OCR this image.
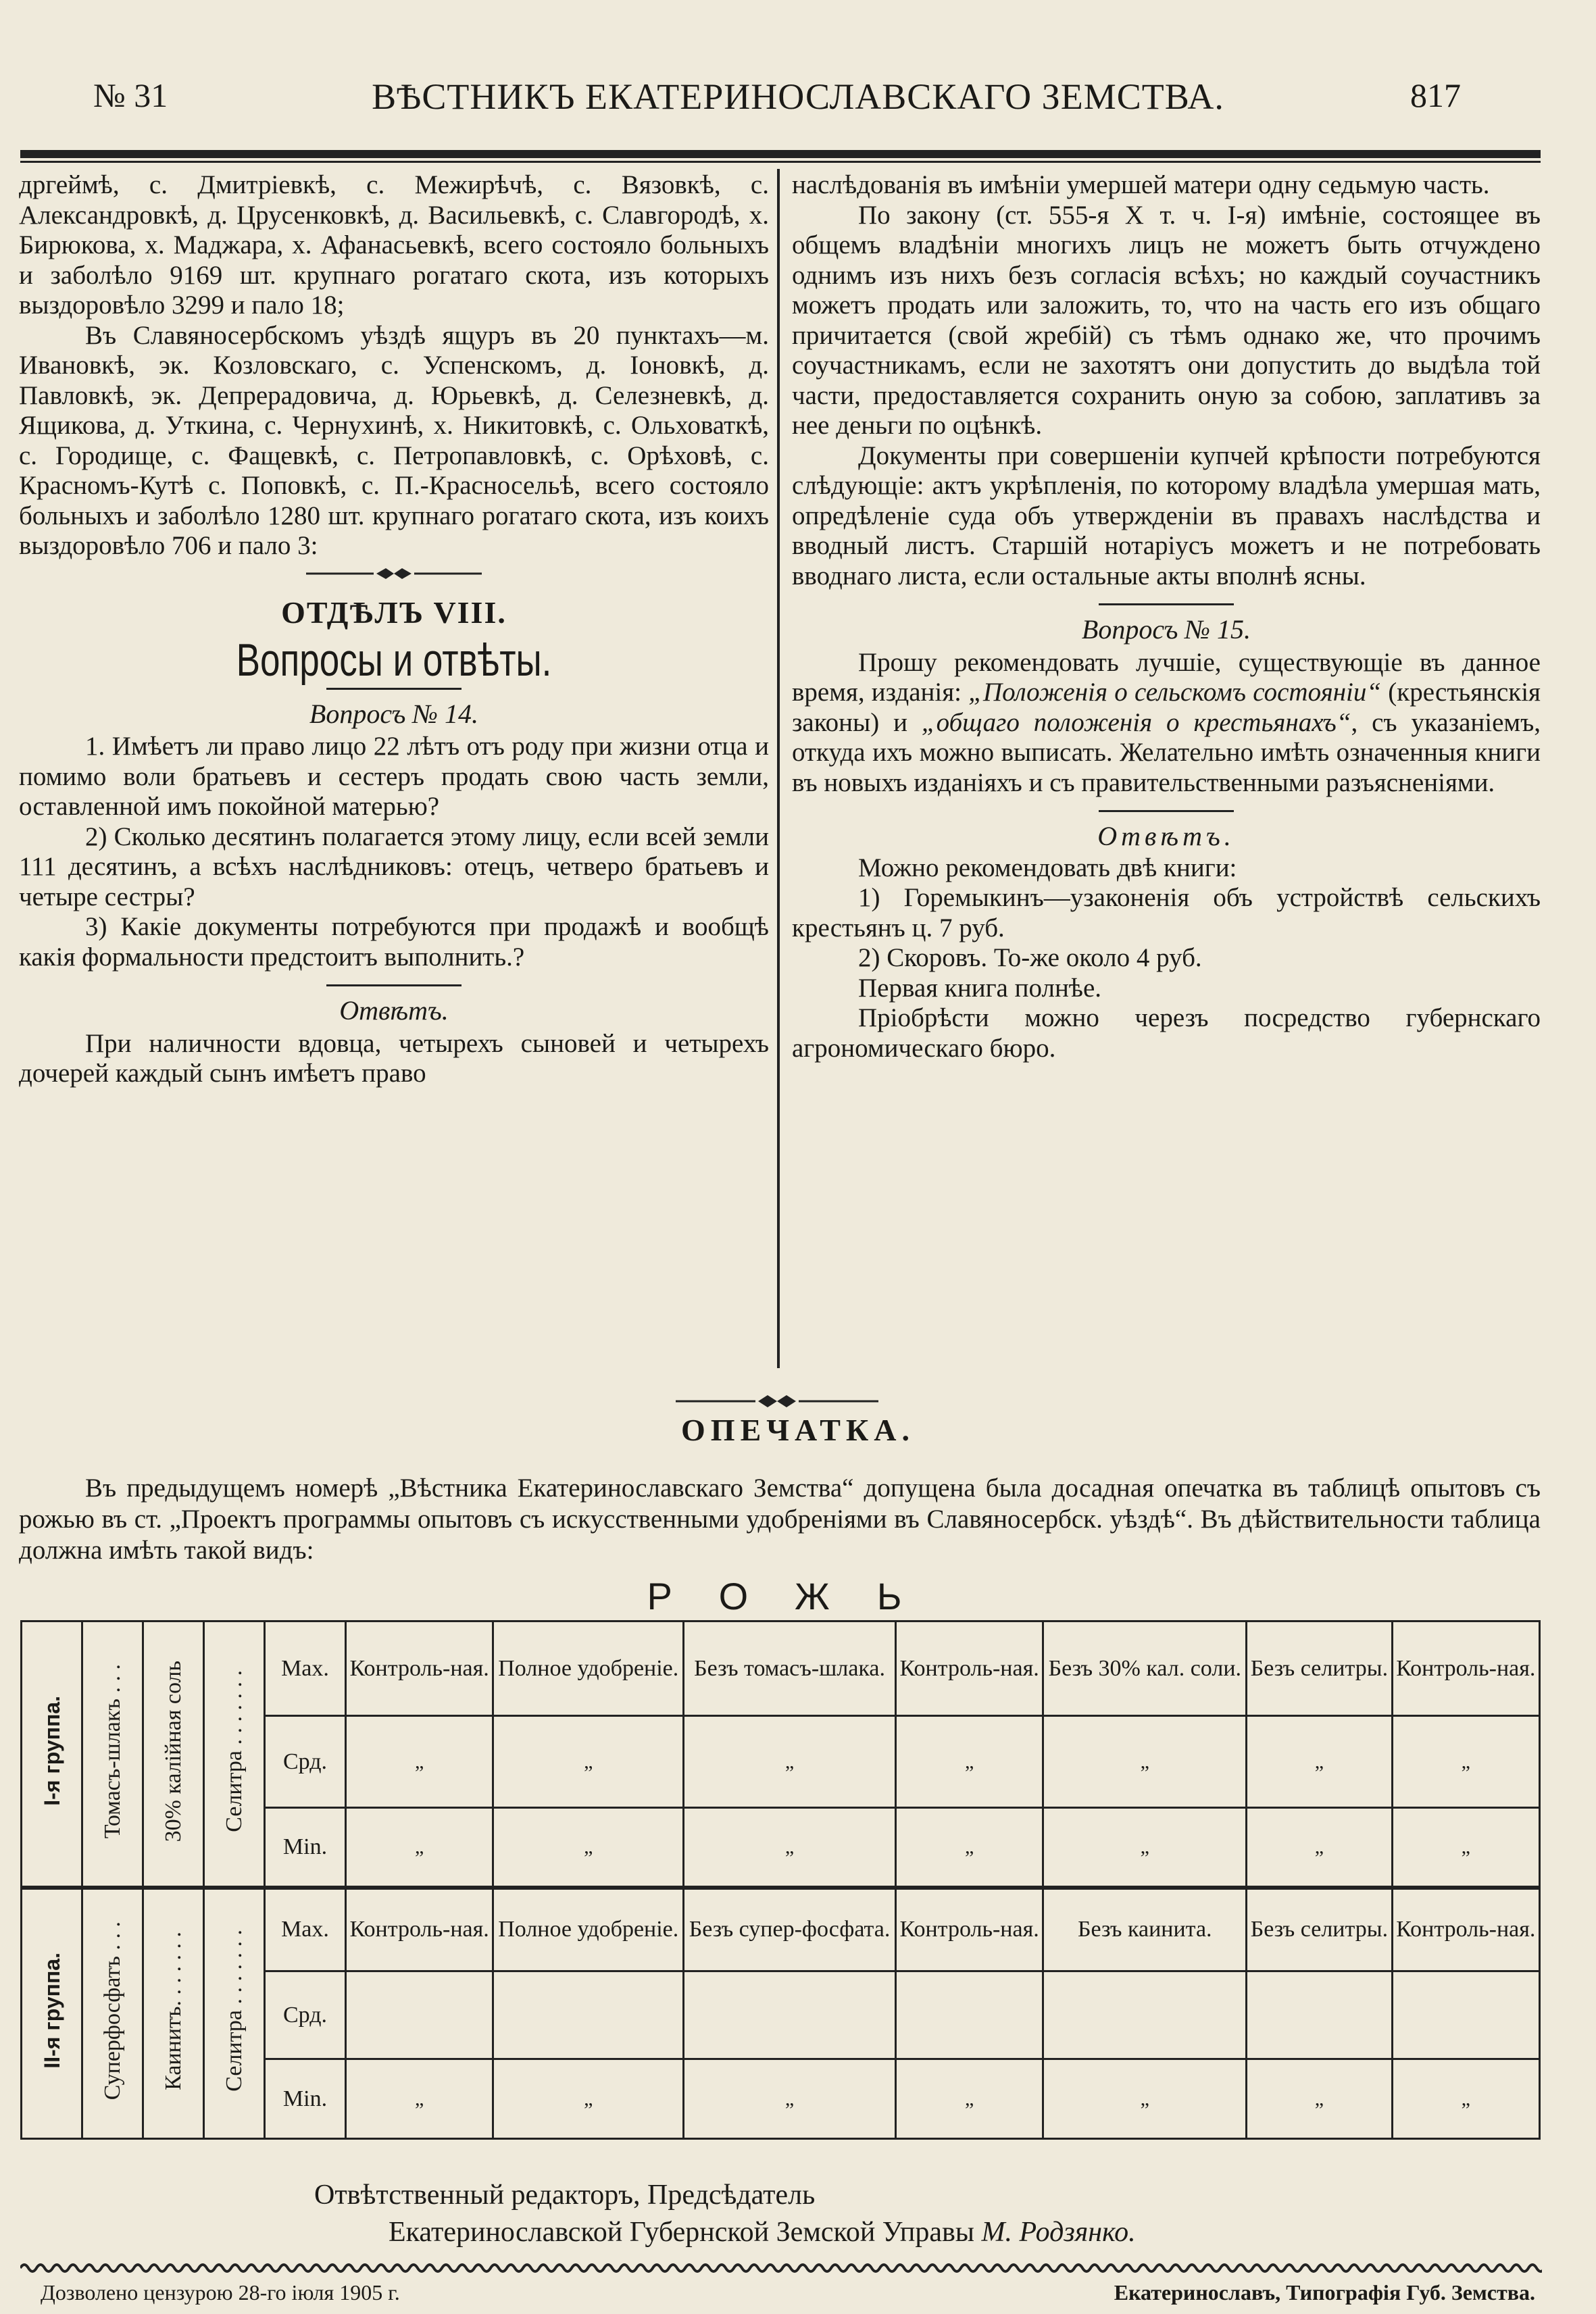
№ 31	ВѢСТНИКЪ ЕКАТЕРИНОСЛАВСКАГО ЗЕМСТВА.	817

дргеймѣ, с. Дмитріевкѣ, с. Межирѣчѣ, с. Вязовкѣ, с. Александровкѣ, д. Црусенковкѣ, д. Васильевкѣ, с. Славгородѣ, х. Бирюкова, х. Маджара, х. Афанасьевкѣ, всего состояло больныхъ и заболѣло 9169 шт. крупнаго рогатаго скота, изъ которыхъ выздоровѣло 3299 и пало 18;

Въ Славяносербскомъ уѣздѣ ящуръ въ 20 пунктахъ—м. Ивановкѣ, эк. Козловскаго, с. Успенскомъ, д. Іоновкѣ, д. Павловкѣ, эк. Депрерадовича, д. Юрьевкѣ, д. Селезневкѣ, д. Ящикова, д. Уткина, с. Чернухинѣ, х. Никитовкѣ, с. Ольховаткѣ, с. Городище, с. Фащевкѣ, с. Петропавловкѣ, с. Орѣховѣ, с. Красномъ-Кутѣ с. Поповкѣ, с. П.-Красносельѣ, всего состояло больныхъ и заболѣло 1280 шт. крупнаго рогатаго скота, изъ коихъ выздоровѣло 706 и пало 3:

ОТДѢЛЪ VIII.
Вопросы и отвѣты.
Вопросъ № 14.

1. Имѣетъ ли право лицо 22 лѣтъ отъ роду при жизни отца и помимо воли братьевъ и сестеръ продать свою часть земли, оставленной имъ покойной матерью?

2) Сколько десятинъ полагается этому лицу, если всей земли 111 десятинъ, а всѣхъ наслѣдниковъ: отецъ, четверо братьевъ и четыре сестры?

3) Какіе документы потребуются при продажѣ и вообщѣ какія формальности предстоитъ выполнить.?

Отвѣтъ.

При наличности вдовца, четырехъ сыновей и четырехъ дочерей каждый сынъ имѣетъ право

наслѣдованія въ имѣніи умершей матери одну седьмую часть.

По закону (ст. 555-я X т. ч. I-я) имѣніе, состоящее въ общемъ владѣніи многихъ лицъ не можетъ быть отчуждено однимъ изъ нихъ безъ согласія всѣхъ; но каждый соучастникъ можетъ продать или заложить, то, что на часть его изъ общаго причитается (свой жребій) съ тѣмъ однако же, что прочимъ соучастникамъ, если не захотятъ они допустить до выдѣла той части, предоставляется сохранить оную за собою, заплативъ за нее деньги по оцѣнкѣ.

Документы при совершеніи купчей крѣпости потребуются слѣдующіе: актъ укрѣпленія, по которому владѣла умершая мать, опредѣленіе суда объ утвержденіи въ правахъ наслѣдства и вводный листъ. Старшій нотаріусъ можетъ и не потребовать вводнаго листа, если остальные акты вполнѣ ясны.

Вопросъ № 15.

Прошу рекомендовать лучшіе, существующіе въ данное время, изданія: „Положенія о сельскомъ состояніи“ (крестьянскія законы) и „общаго положенія о крестьянахъ“, съ указаніемъ, откуда ихъ можно выписать. Желательно имѣть означенныя книги въ новыхъ изданіяхъ и съ правительственными разъясненіями.

Отвѣтъ.

Можно рекомендовать двѣ книги:

1) Горемыкинъ—узаконенія объ устройствѣ сельскихъ крестьянъ ц. 7 руб.

2) Скоровъ. То-же около 4 руб.

Первая книга полнѣе.

Пріобрѣсти можно черезъ посредство губернскаго агрономическаго бюро.

ОПЕЧАТКА.

Въ предыдущемъ номерѣ „Вѣстника Екатеринославскаго Земства“ допущена была досадная опечатка въ таблицѣ опытовъ съ рожью въ ст. „Проектъ программы опытовъ съ искусственными удобреніями въ Славяносербск. уѣздѣ“. Въ дѣйствительности таблица должна имѣть такой видъ:

РОЖЬ
I-я группа.	Томасъ-шлакъ . . .	30% калійная соль	Селитра . . . . . . .	Max.	Контроль-ная.	Полное удобреніе.	Безъ томасъ-шлака.	Контроль-ная.	Безъ 30% кал. соли.	Безъ селитры.	Контроль-ная.
				Срд.	„	„	„	„	„	„	„
				Min.	„	„	„	„	„	„	„
II-я группа.	Суперфосфатъ . . .	Каинитъ. . . . . . .	Селитра . . . . . . .	Max.	Контроль-ная.	Полное удобреніе.	Безъ супер-фосфата.	Контроль-ная.	Безъ каинита.	Безъ селитры.	Контроль-ная.
				Срд.							
				Min.	„	„	„	„	„	„	„
Отвѣтственный редакторъ, Предсѣдатель
Екатеринославской Губернской Земской Управы М. Родзянко.
Дозволено цензурою 28-го іюля 1905 г.	Екатеринославъ, Типографія Губ. Земства.
